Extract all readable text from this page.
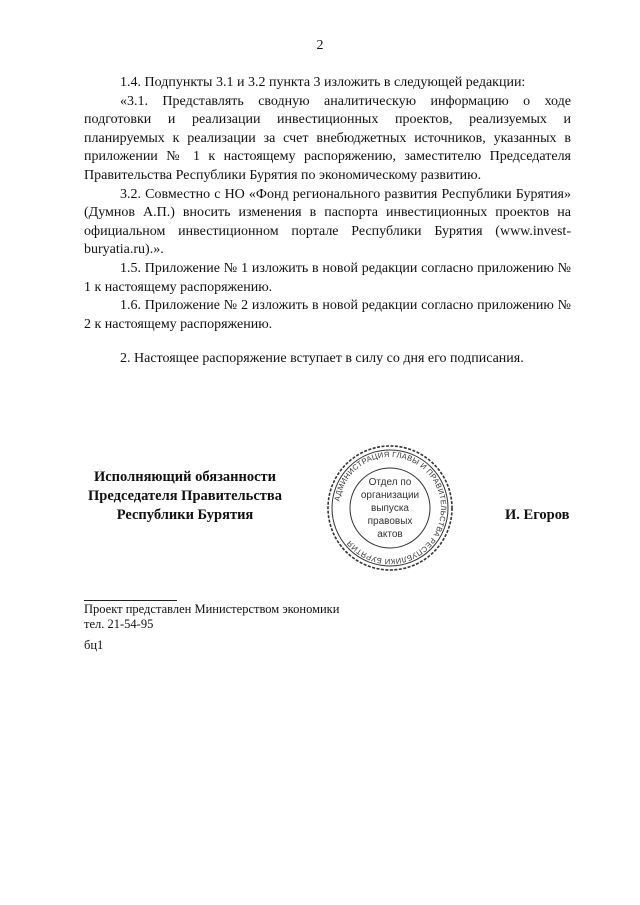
2

1.4. Подпункты 3.1 и 3.2 пункта 3 изложить в следующей редакции:

«3.1. Представлять сводную аналитическую информацию о ходе подготовки и реализации инвестиционных проектов, реализуемых и планируемых к реализации за счет внебюджетных источников, указанных в приложении № 1 к настоящему распоряжению, заместителю Председателя Правительства Республики Бурятия по экономическому развитию.

3.2. Совместно с НО «Фонд регионального развития Республики Бурятия» (Думнов А.П.) вносить изменения в паспорта инвестиционных проектов на официальном инвестиционном портале Республики Бурятия (www.invest-buryatia.ru).».

1.5. Приложение № 1 изложить в новой редакции согласно приложению № 1 к настоящему распоряжению.

1.6. Приложение № 2 изложить в новой редакции согласно приложению № 2 к настоящему распоряжению.

2. Настоящее распоряжение вступает в силу со дня его подписания.

Исполняющий обязанности
Председателя Правительства
Республики Бурятия
АДМИНИСТРАЦИЯ ГЛАВЫ И ПРАВИТЕЛЬСТВА РЕСПУБЛИКИ БУРЯТИЯ
Отдел по
организации
выпуска
правовых
актов
И. Егоров
Проект представлен Министерством экономики
тел. 21-54-95
бц1
